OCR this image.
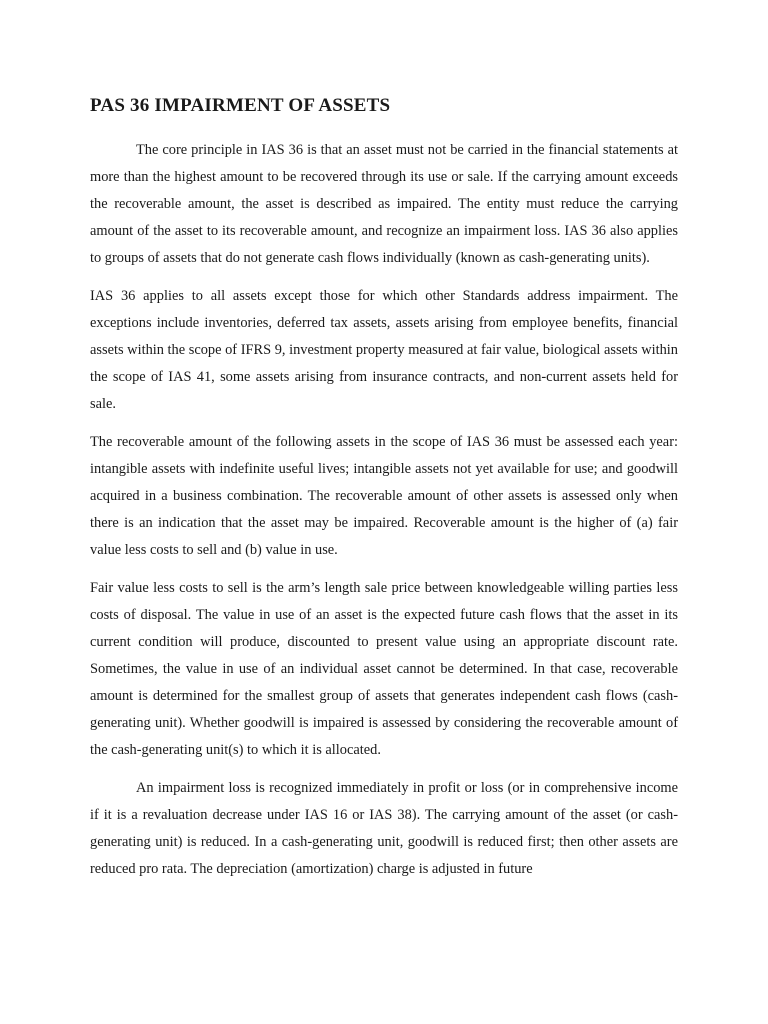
PAS 36 IMPAIRMENT OF ASSETS

The core principle in IAS 36 is that an asset must not be carried in the financial statements at more than the highest amount to be recovered through its use or sale. If the carrying amount exceeds the recoverable amount, the asset is described as impaired. The entity must reduce the carrying amount of the asset to its recoverable amount, and recognize an impairment loss. IAS 36 also applies to groups of assets that do not generate cash flows individually (known as cash-generating units).

IAS 36 applies to all assets except those for which other Standards address impairment. The exceptions include inventories, deferred tax assets, assets arising from employee benefits, financial assets within the scope of IFRS 9, investment property measured at fair value, biological assets within the scope of IAS 41, some assets arising from insurance contracts, and non-current assets held for sale.

The recoverable amount of the following assets in the scope of IAS 36 must be assessed each year: intangible assets with indefinite useful lives; intangible assets not yet available for use; and goodwill acquired in a business combination. The recoverable amount of other assets is assessed only when there is an indication that the asset may be impaired. Recoverable amount is the higher of (a) fair value less costs to sell and (b) value in use.

Fair value less costs to sell is the arm’s length sale price between knowledgeable willing parties less costs of disposal. The value in use of an asset is the expected future cash flows that the asset in its current condition will produce, discounted to present value using an appropriate discount rate. Sometimes, the value in use of an individual asset cannot be determined. In that case, recoverable amount is determined for the smallest group of assets that generates independent cash flows (cash-generating unit). Whether goodwill is impaired is assessed by considering the recoverable amount of the cash-generating unit(s) to which it is allocated.

An impairment loss is recognized immediately in profit or loss (or in comprehensive income if it is a revaluation decrease under IAS 16 or IAS 38). The carrying amount of the asset (or cash-generating unit) is reduced. In a cash-generating unit, goodwill is reduced first; then other assets are reduced pro rata. The depreciation (amortization) charge is adjusted in future
